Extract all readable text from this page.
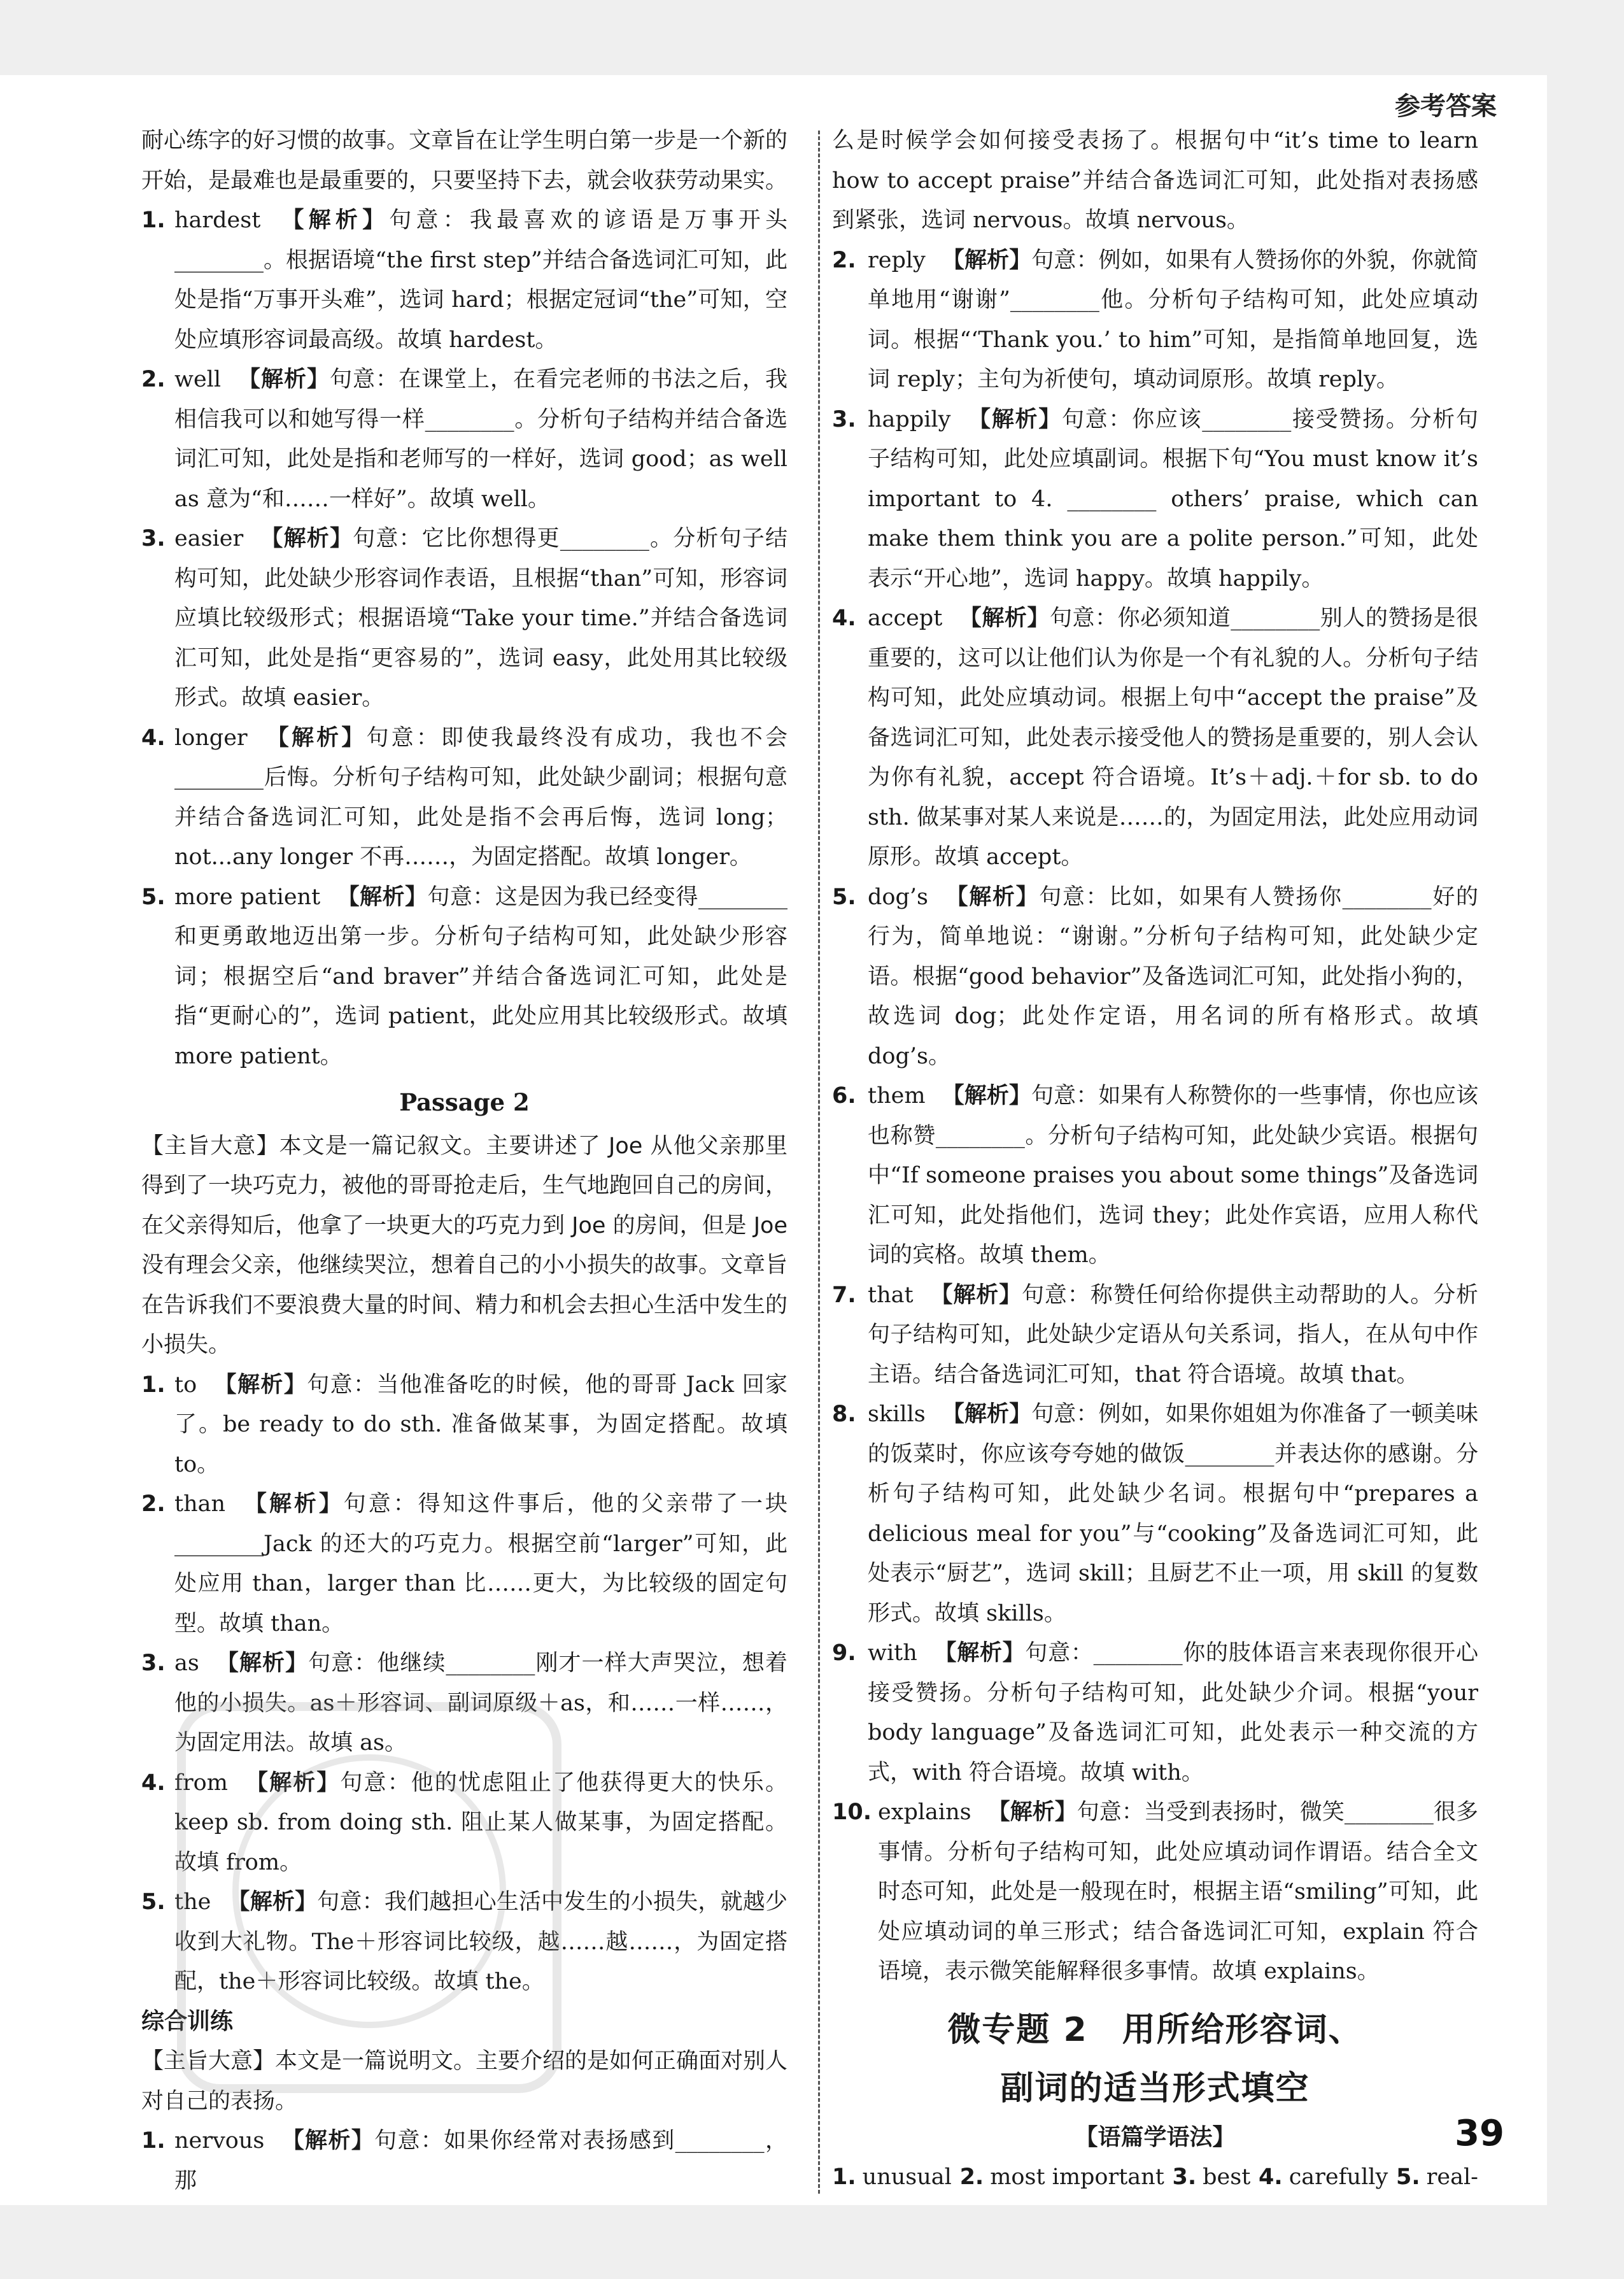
参考答案

耐心练字的好习惯的故事。文章旨在让学生明白第一步是一个新的开始，是最难也是最重要的，只要坚持下去，就会收获劳动果实。

1. hardest 【解析】句意：我最喜欢的谚语是万事开头________。根据语境“the first step”并结合备选词汇可知，此处是指“万事开头难”，选词 hard；根据定冠词“the”可知，空处应填形容词最高级。故填 hardest。
2. well 【解析】句意：在课堂上，在看完老师的书法之后，我相信我可以和她写得一样________。分析句子结构并结合备选词汇可知，此处是指和老师写的一样好，选词 good；as well as 意为“和……一样好”。故填 well。
3. easier 【解析】句意：它比你想得更________。分析句子结构可知，此处缺少形容词作表语，且根据“than”可知，形容词应填比较级形式；根据语境“Take your time.”并结合备选词汇可知，此处是指“更容易的”，选词 easy，此处用其比较级形式。故填 easier。
4. longer 【解析】句意：即使我最终没有成功，我也不会________后悔。分析句子结构可知，此处缺少副词；根据句意并结合备选词汇可知，此处是指不会再后悔，选词 long；not...any longer 不再……，为固定搭配。故填 longer。
5. more patient 【解析】句意：这是因为我已经变得________和更勇敢地迈出第一步。分析句子结构可知，此处缺少形容词；根据空后“and braver”并结合备选词汇可知，此处是指“更耐心的”，选词 patient，此处应用其比较级形式。故填 more patient。
Passage 2

【主旨大意】本文是一篇记叙文。主要讲述了 Joe 从他父亲那里得到了一块巧克力，被他的哥哥抢走后，生气地跑回自己的房间，在父亲得知后，他拿了一块更大的巧克力到 Joe 的房间，但是 Joe 没有理会父亲，他继续哭泣，想着自己的小小损失的故事。文章旨在告诉我们不要浪费大量的时间、精力和机会去担心生活中发生的小损失。

1. to 【解析】句意：当他准备吃的时候，他的哥哥 Jack 回家了。be ready to do sth. 准备做某事，为固定搭配。故填 to。
2. than 【解析】句意：得知这件事后，他的父亲带了一块________Jack 的还大的巧克力。根据空前“larger”可知，此处应用 than，larger than 比……更大，为比较级的固定句型。故填 than。
3. as 【解析】句意：他继续________刚才一样大声哭泣，想着他的小损失。as＋形容词、副词原级＋as，和……一样……，为固定用法。故填 as。
4. from 【解析】句意：他的忧虑阻止了他获得更大的快乐。keep sb. from doing sth. 阻止某人做某事，为固定搭配。故填 from。
5. the 【解析】句意：我们越担心生活中发生的小损失，就越少收到大礼物。The＋形容词比较级，越……越……，为固定搭配，the＋形容词比较级。故填 the。
综合训练

【主旨大意】本文是一篇说明文。主要介绍的是如何正确面对别人对自己的表扬。

1. nervous 【解析】句意：如果你经常对表扬感到________，那

么是时候学会如何接受表扬了。根据句中“it’s time to learn how to accept praise”并结合备选词汇可知，此处指对表扬感到紧张，选词 nervous。故填 nervous。

2. reply 【解析】句意：例如，如果有人赞扬你的外貌，你就简单地用“谢谢”________他。分析句子结构可知，此处应填动词。根据“‘Thank you.’ to him”可知，是指简单地回复，选词 reply；主句为祈使句，填动词原形。故填 reply。
3. happily 【解析】句意：你应该________接受赞扬。分析句子结构可知，此处应填副词。根据下句“You must know it’s important to 4. ________ others’ praise, which can make them think you are a polite person.”可知，此处表示“开心地”，选词 happy。故填 happily。
4. accept 【解析】句意：你必须知道________别人的赞扬是很重要的，这可以让他们认为你是一个有礼貌的人。分析句子结构可知，此处应填动词。根据上句中“accept the praise”及备选词汇可知，此处表示接受他人的赞扬是重要的，别人会认为你有礼貌，accept 符合语境。It’s＋adj.＋for sb. to do sth. 做某事对某人来说是……的，为固定用法，此处应用动词原形。故填 accept。
5. dog’s 【解析】句意：比如，如果有人赞扬你________好的行为，简单地说：“谢谢。”分析句子结构可知，此处缺少定语。根据“good behavior”及备选词汇可知，此处指小狗的，故选词 dog；此处作定语，用名词的所有格形式。故填 dog’s。
6. them 【解析】句意：如果有人称赞你的一些事情，你也应该也称赞________。分析句子结构可知，此处缺少宾语。根据句中“If someone praises you about some things”及备选词汇可知，此处指他们，选词 they；此处作宾语，应用人称代词的宾格。故填 them。
7. that 【解析】句意：称赞任何给你提供主动帮助的人。分析句子结构可知，此处缺少定语从句关系词，指人，在从句中作主语。结合备选词汇可知，that 符合语境。故填 that。
8. skills 【解析】句意：例如，如果你姐姐为你准备了一顿美味的饭菜时，你应该夸夸她的做饭________并表达你的感谢。分析句子结构可知，此处缺少名词。根据句中“prepares a delicious meal for you”与“cooking”及备选词汇可知，此处表示“厨艺”，选词 skill；且厨艺不止一项，用 skill 的复数形式。故填 skills。
9. with 【解析】句意：________你的肢体语言来表现你很开心接受赞扬。分析句子结构可知，此处缺少介词。根据“your body language”及备选词汇可知，此处表示一种交流的方式，with 符合语境。故填 with。
10. explains 【解析】句意：当受到表扬时，微笑________很多事情。分析句子结构可知，此处应填动词作谓语。结合全文时态可知，此处是一般现在时，根据主语“smiling”可知，此处应填动词的单三形式；结合备选词汇可知，explain 符合语境，表示微笑能解释很多事情。故填 explains。
微专题 2　用所给形容词、
副词的适当形式填空
【语篇学语法】
1. unusual 2. most important 3. best 4. carefully 5. real-
39
